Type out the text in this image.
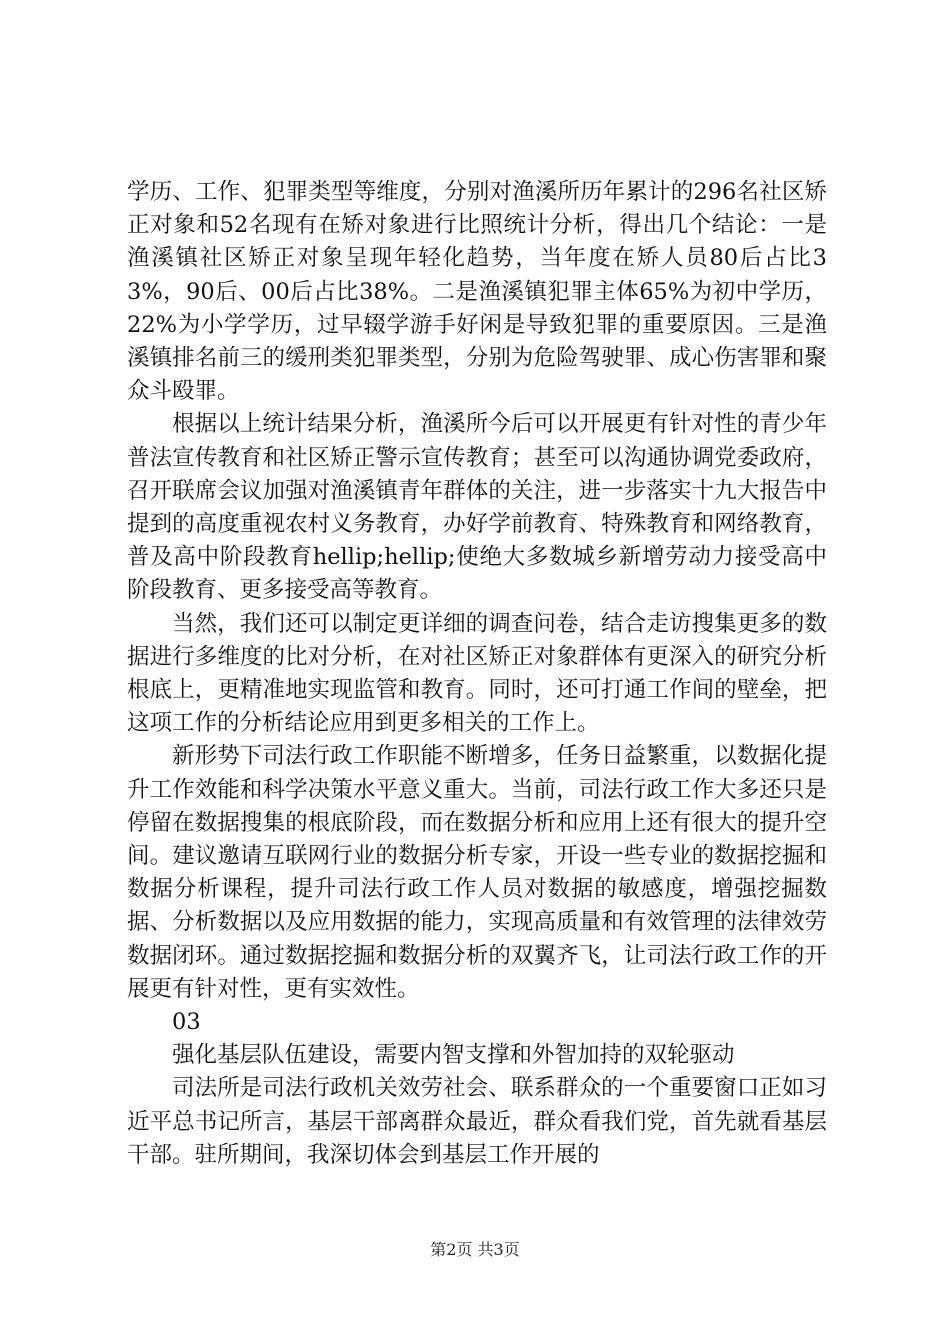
学历、工作、犯罪类型等维度，分别对渔溪所历年累计的296名社区矫正对象和52名现有在矫对象进行比照统计分析，得出几个结论：一是渔溪镇社区矫正对象呈现年轻化趋势，当年度在矫人员80后占比33%，90后、00后占比38%。二是渔溪镇犯罪主体65%为初中学历，22%为小学学历，过早辍学游手好闲是导致犯罪的重要原因。三是渔溪镇排名前三的缓刑类犯罪类型，分别为危险驾驶罪、成心伤害罪和聚众斗殴罪。

根据以上统计结果分析，渔溪所今后可以开展更有针对性的青少年普法宣传教育和社区矫正警示宣传教育；甚至可以沟通协调党委政府，召开联席会议加强对渔溪镇青年群体的关注，进一步落实十九大报告中提到的高度重视农村义务教育，办好学前教育、特殊教育和网络教育，普及高中阶段教育hellip;hellip;使绝大多数城乡新增劳动力接受高中阶段教育、更多接受高等教育。

当然，我们还可以制定更详细的调查问卷，结合走访搜集更多的数据进行多维度的比对分析，在对社区矫正对象群体有更深入的研究分析根底上，更精准地实现监管和教育。同时，还可打通工作间的壁垒，把这项工作的分析结论应用到更多相关的工作上。

新形势下司法行政工作职能不断增多，任务日益繁重，以数据化提升工作效能和科学决策水平意义重大。当前，司法行政工作大多还只是停留在数据搜集的根底阶段，而在数据分析和应用上还有很大的提升空间。建议邀请互联网行业的数据分析专家，开设一些专业的数据挖掘和数据分析课程，提升司法行政工作人员对数据的敏感度，增强挖掘数据、分析数据以及应用数据的能力，实现高质量和有效管理的法律效劳数据闭环。通过数据挖掘和数据分析的双翼齐飞，让司法行政工作的开展更有针对性，更有实效性。

03

强化基层队伍建设，需要内智支撑和外智加持的双轮驱动

司法所是司法行政机关效劳社会、联系群众的一个重要窗口正如习近平总书记所言，基层干部离群众最近，群众看我们党，首先就看基层干部。驻所期间，我深切体会到基层工作开展的

第2页 共3页
